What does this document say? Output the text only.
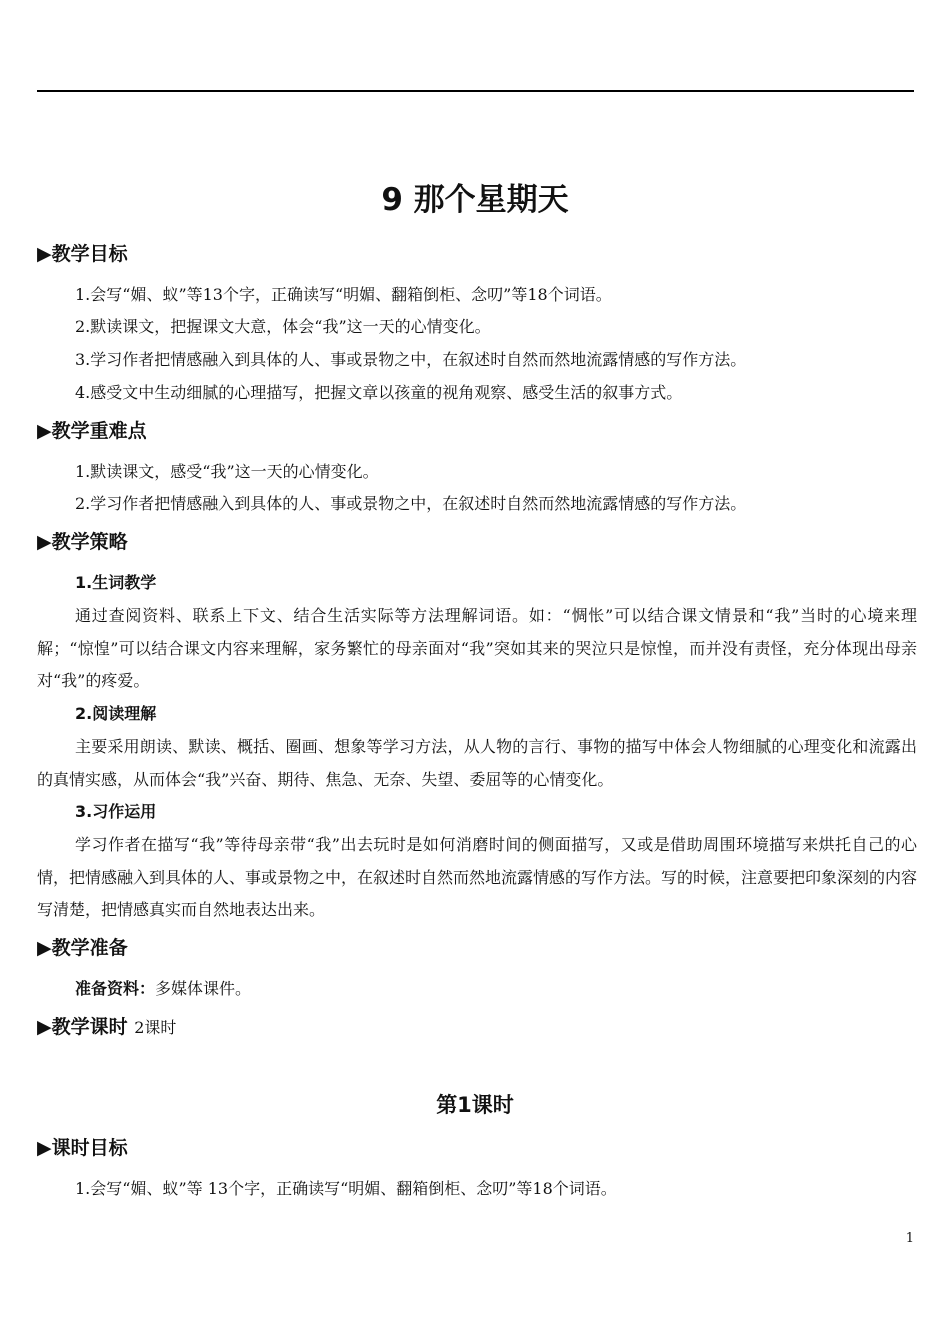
9 那个星期天
▶教学目标
1.会写“媚、蚁”等13个字，正确读写“明媚、翻箱倒柜、念叨”等18个词语。
2.默读课文，把握课文大意，体会“我”这一天的心情变化。
3.学习作者把情感融入到具体的人、事或景物之中，在叙述时自然而然地流露情感的写作方法。
4.感受文中生动细腻的心理描写，把握文章以孩童的视角观察、感受生活的叙事方式。
▶教学重难点
1.默读课文，感受“我”这一天的心情变化。
2.学习作者把情感融入到具体的人、事或景物之中，在叙述时自然而然地流露情感的写作方法。
▶教学策略
1.生词教学
通过查阅资料、联系上下文、结合生活实际等方法理解词语。如：“惆怅”可以结合课文情景和“我”当时的心境来理解；“惊惶”可以结合课文内容来理解，家务繁忙的母亲面对“我”突如其来的哭泣只是惊惶，而并没有责怪，充分体现出母亲对“我”的疼爱。
2.阅读理解
主要采用朗读、默读、概括、圈画、想象等学习方法，从人物的言行、事物的描写中体会人物细腻的心理变化和流露出的真情实感，从而体会“我”兴奋、期待、焦急、无奈、失望、委屈等的心情变化。
3.习作运用
学习作者在描写“我”等待母亲带“我”出去玩时是如何消磨时间的侧面描写，又或是借助周围环境描写来烘托自己的心情，把情感融入到具体的人、事或景物之中，在叙述时自然而然地流露情感的写作方法。写的时候，注意要把印象深刻的内容写清楚，把情感真实而自然地表达出来。
▶教学准备
准备资料：多媒体课件。
▶教学课时 2课时
第1课时
▶课时目标
1.会写“媚、蚁”等 13个字，正确读写“明媚、翻箱倒柜、念叨”等18个词语。
1
